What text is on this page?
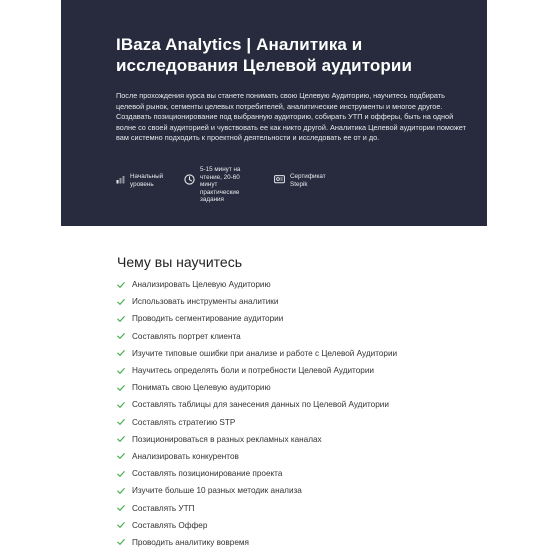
IBaza Analytics | Аналитика и исследования Целевой аудитории

После прохождения курса вы станете понимать свою Целевую Аудиторию, научитесь подбирать целевой рынок, сегменты целевых потребителей, аналитические инструменты и многое другое. Создавать позиционирование под выбранную аудиторию, собирать УТП и офферы, быть на одной волне со своей аудиторией и чувствовать ее как никто другой. Аналитика Целевой аудитории поможет вам системно подходить к проектной деятельности и исследовать ее от и до.

Начальный уровень
5-15 минут на чтение, 20-60 минут практические задания
Сертификат Stepik
Чему вы научитесь
Анализировать Целевую Аудиторию
Использовать инструменты аналитики
Проводить сегментирование аудитории
Составлять портрет клиента
Изучите типовые ошибки при анализе и работе с Целевой Аудитории
Научитесь определять боли и потребности Целевой Аудитории
Понимать свою Целевую аудиторию
Составлять таблицы для занесения данных по Целевой Аудитории
Составлять стратегию STP
Позиционироваться в разных рекламных каналах
Анализировать конкурентов
Составлять позиционирование проекта
Изучите больше 10 разных методик анализа
Составлять УТП
Составлять Оффер
Проводить аналитику вовремя
